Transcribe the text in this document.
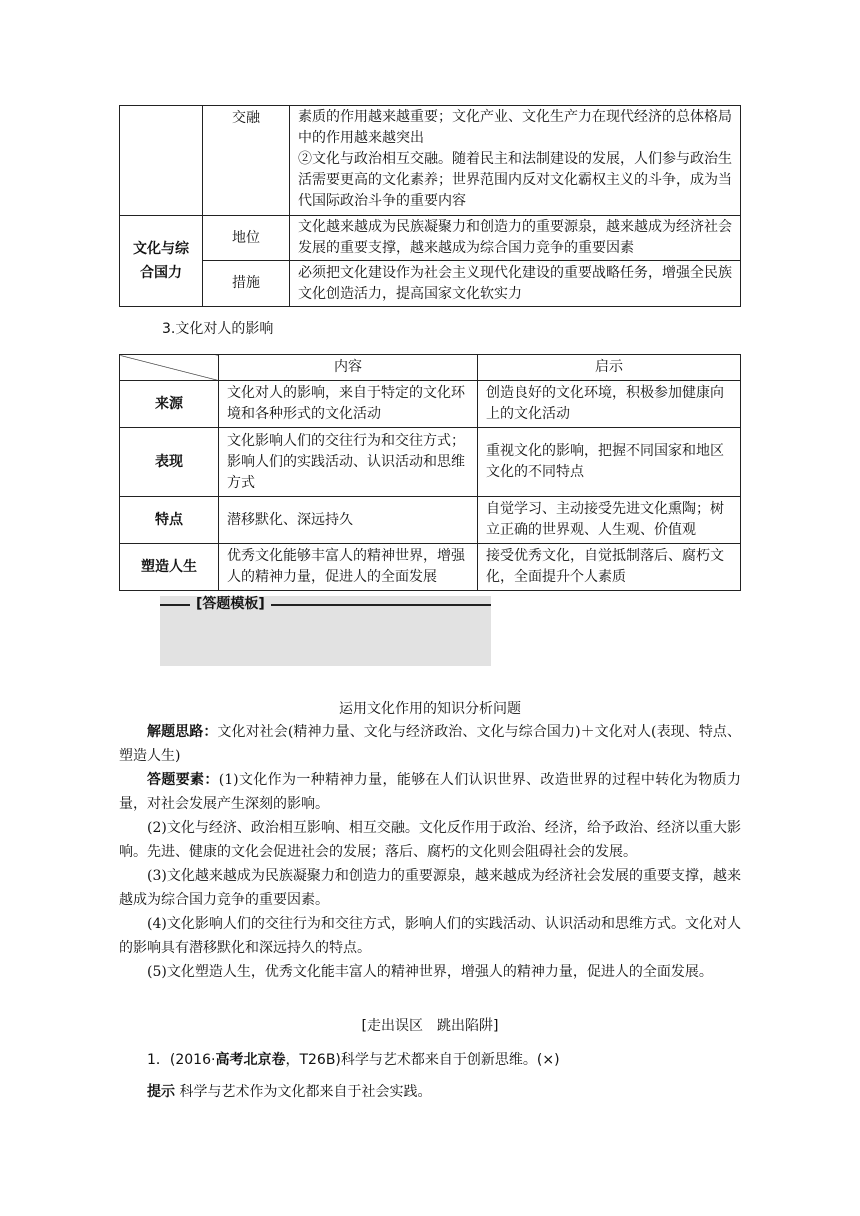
	交融	素质的作用越来越重要；文化产业、文化生产力在现代经济的总体格局中的作用越来越突出
②文化与政治相互交融。随着民主和法制建设的发展，人们参与政治生活需要更高的文化素养；世界范围内反对文化霸权主义的斗争，成为当代国际政治斗争的重要内容

文化与综合国力	地位	文化越来越成为民族凝聚力和创造力的重要源泉，越来越成为经济社会发展的重要支撑，越来越成为综合国力竞争的重要因素
	措施	必须把文化建设作为社会主义现代化建设的重要战略任务，增强全民族文化创造活力，提高国家文化软实力
3.文化对人的影响
	内容	启示
来源	文化对人的影响，来自于特定的文化环境和各种形式的文化活动	创造良好的文化环境，积极参加健康向上的文化活动
表现	文化影响人们的交往行为和交往方式；影响人们的实践活动、认识活动和思维方式	重视文化的影响，把握不同国家和地区文化的不同特点
特点	潜移默化、深远持久	自觉学习、主动接受先进文化熏陶；树立正确的世界观、人生观、价值观
塑造人生	优秀文化能够丰富人的精神世界，增强人的精神力量，促进人的全面发展	接受优秀文化，自觉抵制落后、腐朽文化，全面提升个人素质
[答题模板]
运用文化作用的知识分析问题

解题思路：文化对社会(精神力量、文化与经济政治、文化与综合国力)＋文化对人(表现、特点、塑造人生)

答题要素：(1)文化作为一种精神力量，能够在人们认识世界、改造世界的过程中转化为物质力量，对社会发展产生深刻的影响。

(2)文化与经济、政治相互影响、相互交融。文化反作用于政治、经济，给予政治、经济以重大影响。先进、健康的文化会促进社会的发展；落后、腐朽的文化则会阻碍社会的发展。

(3)文化越来越成为民族凝聚力和创造力的重要源泉，越来越成为经济社会发展的重要支撑，越来越成为综合国力竞争的重要因素。

(4)文化影响人们的交往行为和交往方式，影响人们的实践活动、认识活动和思维方式。文化对人的影响具有潜移默化和深远持久的特点。

(5)文化塑造人生，优秀文化能丰富人的精神世界，增强人的精神力量，促进人的全面发展。

[走出误区　跳出陷阱]

1．(2016·高考北京卷，T26B)科学与艺术都来自于创新思维。(×)

提示 科学与艺术作为文化都来自于社会实践。
